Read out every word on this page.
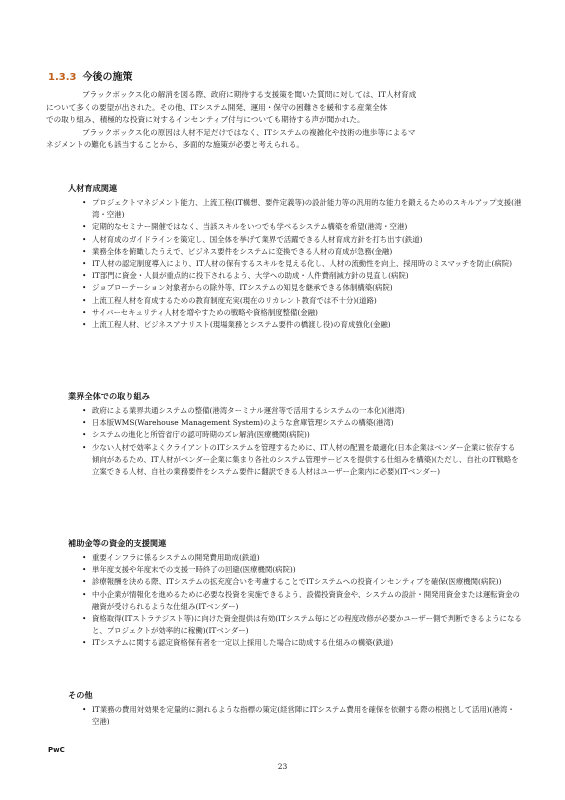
1.3.3 今後の施策

ブラックボックス化の解消を図る際、政府に期待する支援策を聞いた質問に対しては、IT人材育成

について多くの要望が出された。その他、ITシステム開発、運用・保守の困難さを緩和する産業全体

での取り組み、積極的な投資に対するインセンティブ付与についても期待する声が聞かれた。

ブラックボックス化の原因は人材不足だけではなく、ITシステムの複雑化や技術の進歩等によるマ

ネジメントの難化も該当することから、多面的な施策が必要と考えられる。

人材育成関連
• プロジェクトマネジメント能力、上流工程(IT構想、要件定義等)の設計能力等の汎用的な能力を鍛えるためのスキルアップ支援(港湾・空港)
• 定期的なセミナー開催ではなく、当該スキルをいつでも学べるシステム構築を希望(港湾・空港)
• 人材育成のガイドラインを策定し、国全体を挙げて業界で活躍できる人材育成方針を打ち出す(鉄道)
• 業務全体を俯瞰したうえで、ビジネス要件をシステムに変換できる人材の育成が急務(金融)
• IT人材の認定制度導入により、IT人材の保有するスキルを見える化し、人材の流動性を向上、採用時のミスマッチを防止(病院)
• IT部門に資金・人員が重点的に投下されるよう、大学への助成・人件費削減方針の見直し(病院)
• ジョブローテーション対象者からの除外等、ITシステムの知見を継承できる体制構築(病院)
• 上流工程人材を育成するための教育制度充実(現在のリカレント教育では不十分)(道路)
• サイバーセキュリティ人材を増やすための戦略や資格制度整備(金融)
• 上流工程人材、ビジネスアナリスト(現場業務とシステム要件の橋渡し役)の育成強化(金融)
業界全体での取り組み
• 政府による業界共通システムの整備(港湾ターミナル運営等で活用するシステムの一本化)(港湾)
• 日本版WMS(Warehouse Management System)のような倉庫管理システムの構築(港湾)
• システムの進化と所管省庁の認可時期のズレ解消(医療機関(病院))
• 少ない人材で効率よくクライアントのITシステムを管理するために、IT人材の配置を最適化(日本企業はベンダー企業に依存する傾向があるため、IT人材がベンダー企業に集まり各社のシステム管理サービスを提供する仕組みを構築)(ただし、自社のIT戦略を立案できる人材、自社の業務要件をシステム要件に翻訳できる人材はユーザー企業内に必要)(ITベンダー)
補助金等の資金的支援関連
• 重要インフラに係るシステムの開発費用助成(鉄道)
• 単年度支援や年度末での支援一時終了の回避(医療機関(病院))
• 診療報酬を決める際、ITシステムの拡充度合いを考慮することでITシステムへの投資インセンティブを確保(医療機関(病院))
• 中小企業が情報化を進めるために必要な投資を実施できるよう、設備投資資金や、システムの設計・開発用資金または運転資金の融資が受けられるような仕組み(ITベンダー)
• 資格取得(ITストラテジスト等)に向けた資金提供は有効(ITシステム毎にどの程度改修が必要かユーザー側で判断できるようになると、プロジェクトが効率的に稼働)(ITベンダー)
• ITシステムに関する認定資格保有者を一定以上採用した場合に助成する仕組みの構築(鉄道)
その他
• IT業務の費用対効果を定量的に測れるような指標の策定(経営陣にITシステム費用を確保を依頼する際の根拠として活用)(港湾・空港)
PwC
23
